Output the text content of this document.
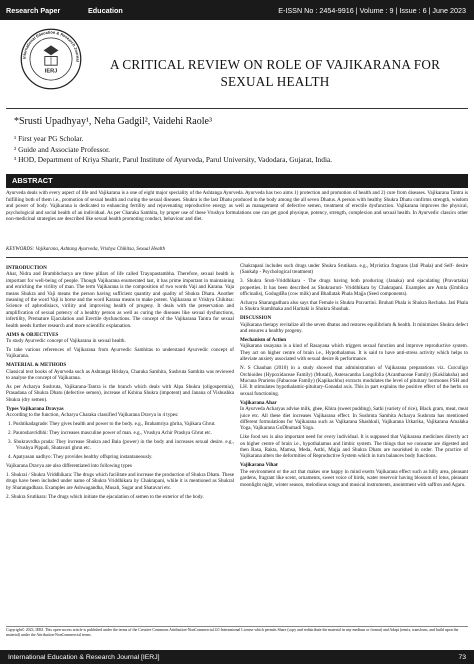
Research Paper	Education	E-ISSN No : 2454-9916 | Volume : 9 | Issue : 6 | June 2023
International Education & Research Journal
IERJ	A CRITICAL REVIEW ON ROLE OF VAJIKARANA FOR
SEXUAL HEALTH
*Srusti Upadhyay¹, Neha Gadgil², Vaidehi Raole³
¹ First year PG Scholar.
² Guide and Associate Professor.
³ HOD, Department of Kriya Sharir, Parul Institute of Ayurveda, Parul University, Vadodara, Gujarat, India.
ABSTRACT
Ayurveda deals with every aspect of life and Vajikarana is a one of eight major speciality of the Ashtanga Ayurveda. Ayurveda has two aims 1) protection and promotion of health and 2) cure from diseases. Vajikarana Tantra is fulfilling both of them i.e., promotion of sexual health and curing the sexual diseases. Shukra is the last Dhatu produced in the body among the all seven Dhatus. A person with healthy Shukra Dhatu confirms strength, wisdom and power of body. Vajikarana is dedicated to enhancing fertility and rejuvenating reproductive energy as well as management of defective semen, treatment of erectile dysfunction. Vajikarana improves the physical, psychological and social health of an individual. As per Charaka Samhita, by proper use of these Vrushya formulations one can get good physique, potency, strength, complexion and sexual health. In Ayurvedic classics other non-medicinal strategies are described like sexual health promoting conduct, behaviour and diet.
KEYWORDS: Vajikarana, Ashtang Ayurveda, Vrishya Chikitsa, Sexual Health
INTRODUCTION
Ahar, Nidra and Brambhcharya are three pillars of life called Trayopastambha. Therefore, sexual health is important for well-being of people. Though Vajikarana enumerated last, it has prime important in maintaining and enriching the virility of man. The term Vajikarana is the composition of two words Vaji and Karana. Vaja means Shukra and Vaji means the person having sufficient quantity and quality of Shukra Dhatu. Another meaning of the word Vaji is horse and the word Karana means to make potent. Vajikarana or Vrishya Chikitsa: Science of aphrodisiacs, virility and improving health of progeny. It deals with the preservation and amplification of sexual potency of a healthy person as well as curing the diseases like sexual dysfunctions, infertility, Premature Ejaculation and Erectile dysfunctions. The concept of the Vajikarana Tantra for sexual health needs further research and more scientific explanation.
AIMS & OBJECTIVES
To study Ayurvedic concept of Vajikarana in sexual health.
To take various references of Vajikarana from Ayurvedic Samhitas to understand Ayurvedic concept of Vajikarana.
MATERIAL & METHODS
Classical text books of Ayurveda such as Ashtanga Hridaya, Charaka Samhita, Sushruta Samhita was reviewed to analyse the concept of Vajikarana.
As per Acharya Sushruta, Vajikarana-Tantra is the branch which deals with Alpa Shukra (oligospermia), Prasadana of Shukra Dhatu (defective semen), increase of Kshina Shukra (impotent) and Janana of Vishushka Shukra (dry semen).
Types Vajikarana Dravyas
According to the function, Acharya Charaka classified Vajikarana Dravya in 4 types:
1. Pushtikadagrade: They gives health and power to the body. e.g., Brahamriya ghrita, Vajikara Ghrut.
2. Pauroshavridhhi: They increases masculine power of man. e.g., Vrushya Achir Prashya Ghrut etc.
3. Shukravrdha prada: They increase Shukra and Bala (power) in the body and increases sexual desire. e.g., Vrushya Pippali, Shatavari ghrut etc.
4. Apatyasan uadhyo: They provides healthy offspring instantaneously.
Vajikarana Dravya are also differentiated into following types
1. Shukral / Shukra Vriddhikara: The drugs which facilitate and increase the production of Shukra Dhatu. These drugs have been included under name of Shukra Vriddhikara by Chakrapani, while it is mentioned as Shukral by Sharangadhara. Examples are Ashwagandha, Musali, Sugar and Shatavari etc.
2. Shukra Srutikara: The drugs which initiate the ejaculation of semen to the exterior of the body.
Chakrapani includes such drugs under Shukra Srutikara. e.g., Myristica fragrans (Jati Phala) and Self- desire (Sankalp - Psychological treatment)
3. Shukra Sruti-Vriddhikara - The drugs having both producing (Janaka) and ejaculating (Pravartaka) properties. It has been described as Shukrasruti- Vriddhikara by Chakrapani. Examples are Amla (Emblica officinalis), GodugdBa (cow milk) and Bhallatak Phala Majja (Seed components).
Acharya Sharangadhara also says that Female is Shukra Pravartini. Bruhati Phala is Shukra Rechaka. Jati Phala is Shukra Stambhaka and Haritaki is Shukra Shoshak.
DISCUSSION
Vajikarana therapy revitalize all the seven dhatus and restores equilibrium & health. It minimizes Shukra defect and ensures a healthy progeny.
Mechanism of Action
Vajikarana rasayana is a kind of Rasayana which triggers sexual function and improve reproductive system. They act on higher centre of brain i.e., Hypothalamus. It is said to have anti-stress activity which helps to alleviate anxiety associated with sexual desire & performance.
N. S Chauhan (2010) in a study showed that administration of Vajikarana preparations viz. Curculigo Orchioides (Hypoxidaceae Family) (Musali), Asteracantha Longifolia (Acanthaceae Family) (Kokilaksha) and Mucuna Pruriens (Fabaceae Family) (Kapikachhu) extracts modulates the level of pituitary hormones FSH and LH. It stimulates hypothalamic-pituitary-Gonadal axis. This in part explains the positive effect of the herbs on sexual functioning.
Vajikarana Ahar
In Ayurveda Acharyas advise milk, ghee, Khira (sweet pudding), Sathi (variety of rice), Black gram, meat, meat juice etc. All these diet increases Vajikarana effect. In Sushruta Samhita Acharya Sushruta has mentioned different formulations for Vajikarana such as Vajikarana Shashkuli, Vajikarana Utkarika, Vajikarana Amalaka Yoga, Vajikarana GoDhumadi Yoga.
Like food sex is also important need for every individual. It is supposed that Vajikarana medicines directly act on higher centre of brain i.e., hypothalamus and limbic system. The things that we consume are digested and then Rasa, Rakta, Mamsa, Meda, Asthi, Majja and Shukra Dhatu are nourished in order. The practice of Vajikarana alters the deformities of Reproductive System which in turn balances body functions.
Vajikarana Vihar
The environment or the act that makes one happy in mind exerts Vajikarana effect such as hilly area, pleasant gardens, fragrant like scent, ornaments, sweet voice of birds, water reservoir having blossom of lotus, pleasant moonlight night, winter season, melodious songs and musical instruments, anointment with saffron and Agaru.
Copyright© 2023, IERJ. This open-access article is published under the terms of the Creative Commons Attribution-NonCommercial 4.0 International License which permits Share (copy and redistribute the material in any medium or format) and Adapt (remix, transform, and build upon the material) under the Attribution-NonCommercial terms.
International Education & Research Journal [IERJ]	73
